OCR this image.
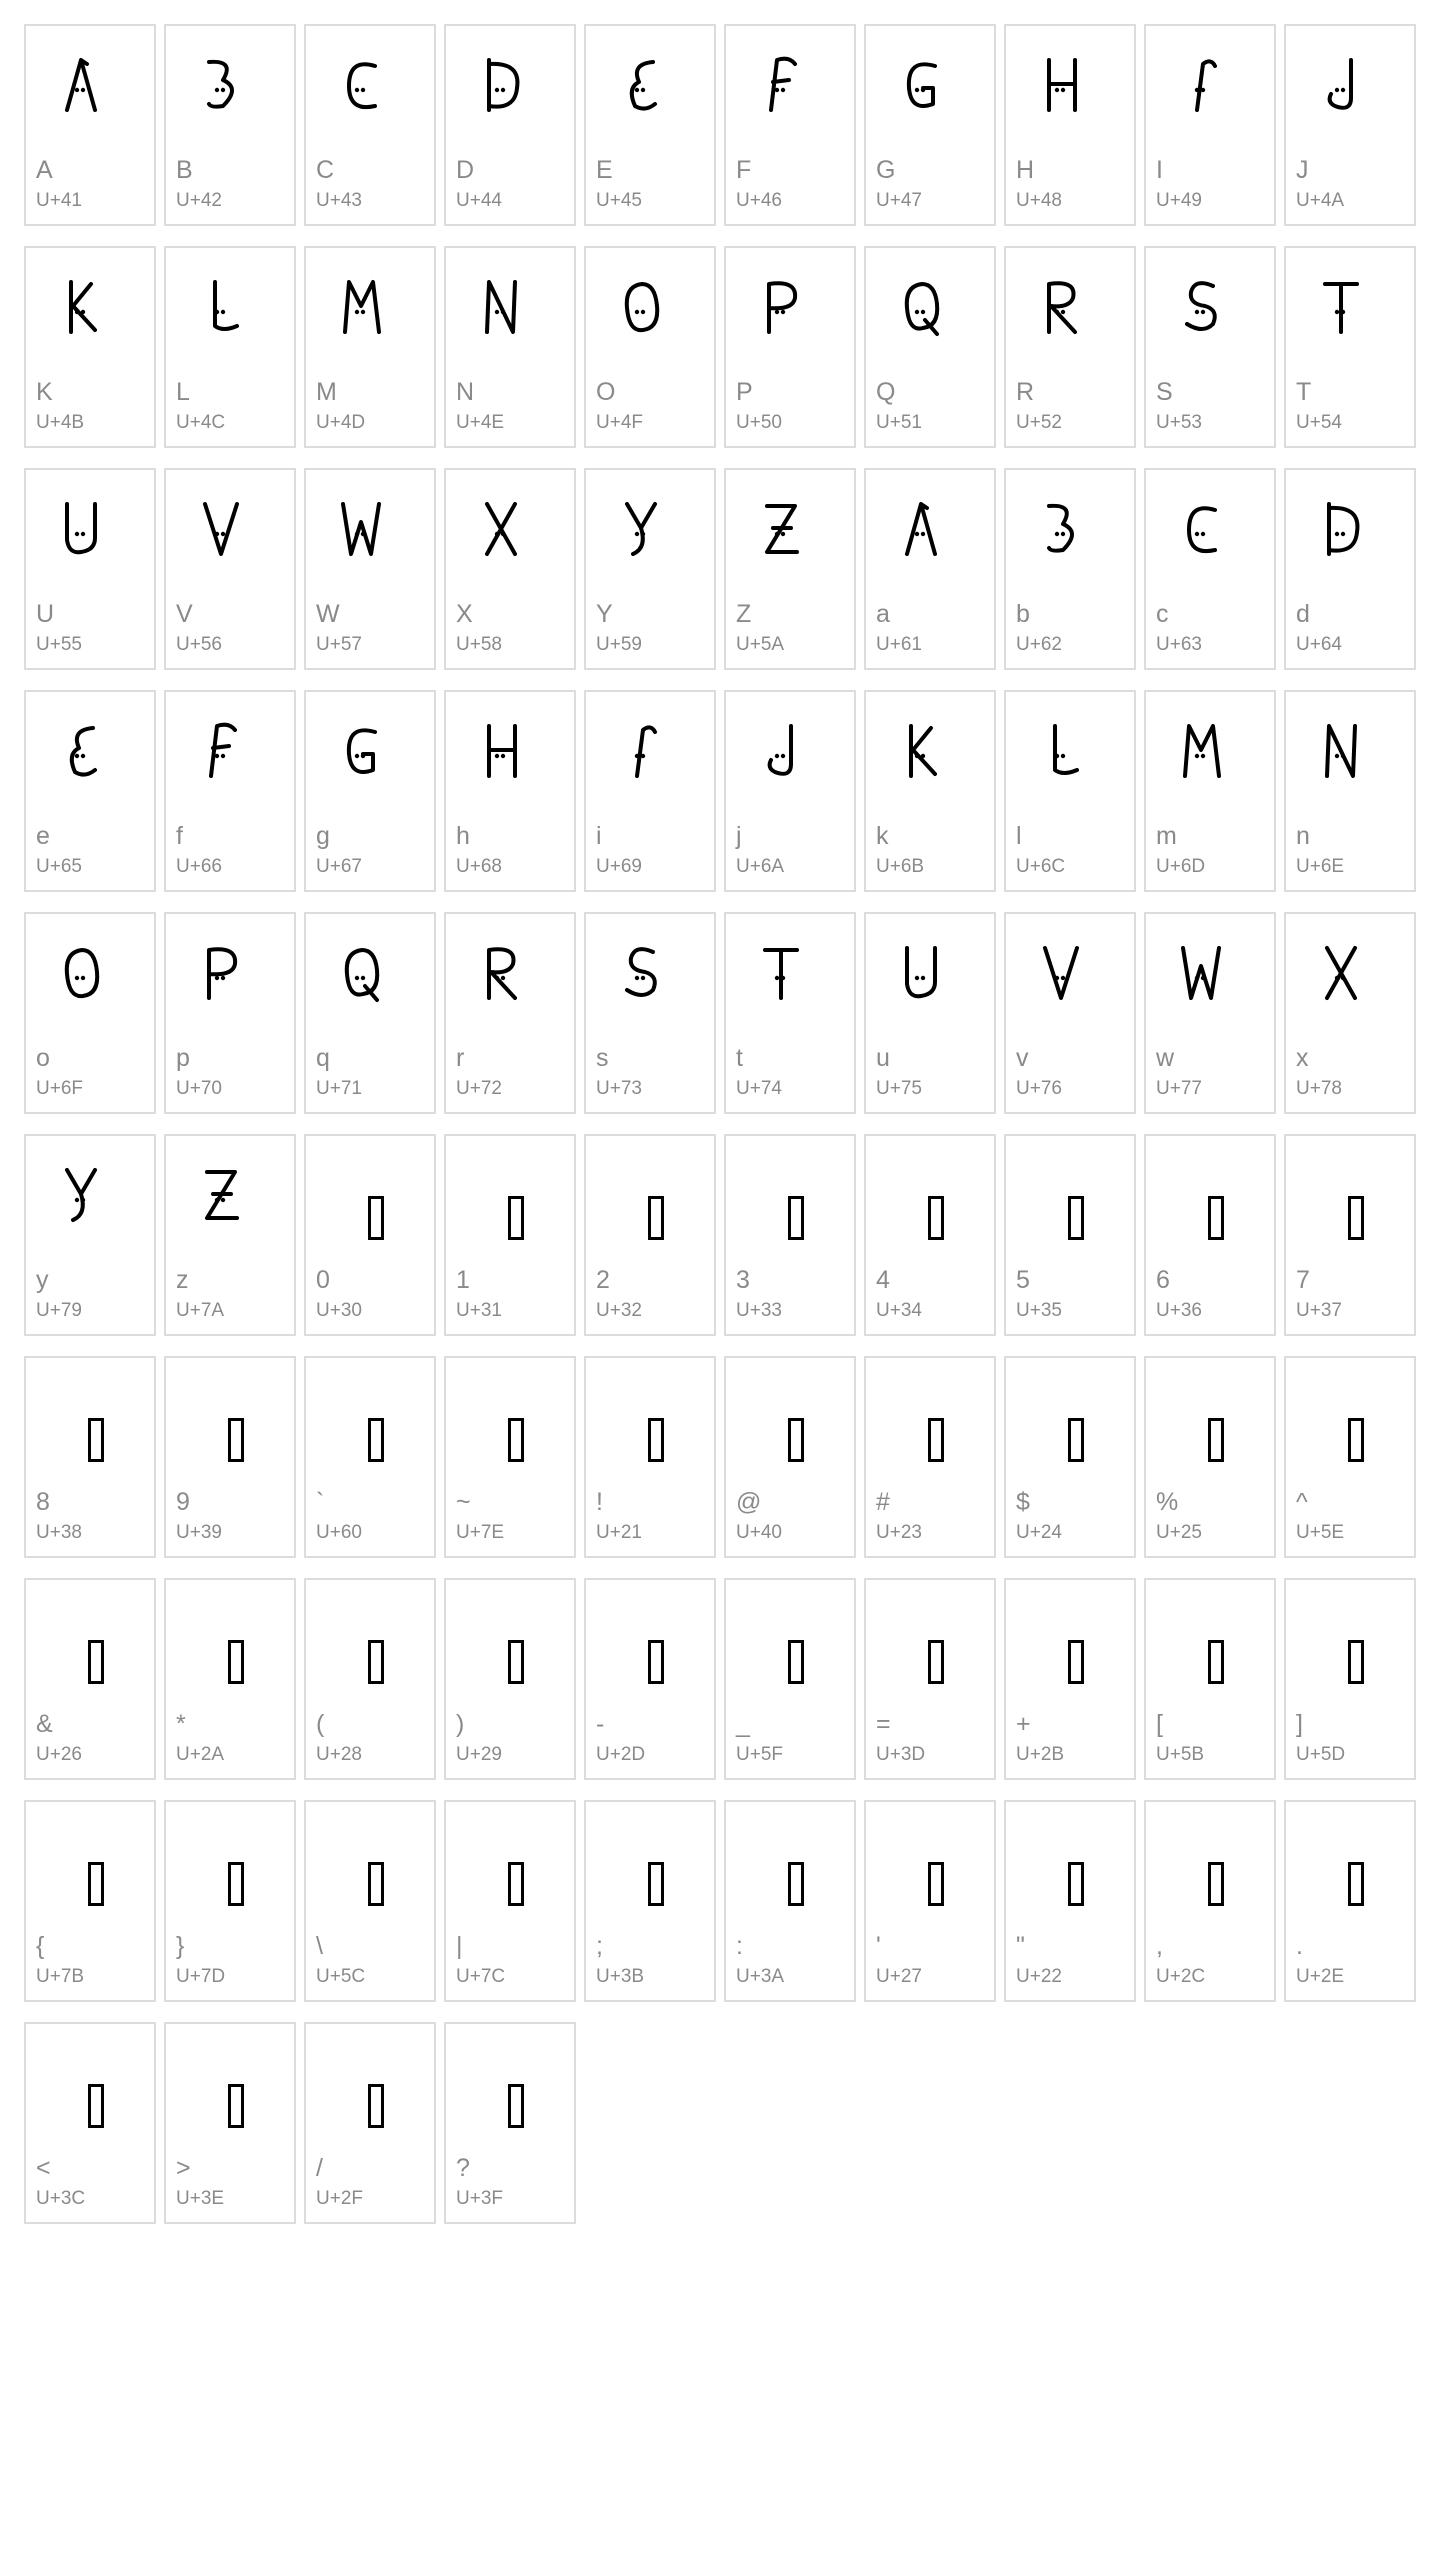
A
U+41
B
U+42
C
U+43
D
U+44
E
U+45
F
U+46
G
U+47
H
U+48
I
U+49
J
U+4A
K
U+4B
L
U+4C
M
U+4D
N
U+4E
O
U+4F
P
U+50
Q
U+51
R
U+52
S
U+53
T
U+54
U
U+55
V
U+56
W
U+57
X
U+58
Y
U+59
Z
U+5A
a
U+61
b
U+62
c
U+63
d
U+64
e
U+65
f
U+66
g
U+67
h
U+68
i
U+69
j
U+6A
k
U+6B
l
U+6C
m
U+6D
n
U+6E
o
U+6F
p
U+70
q
U+71
r
U+72
s
U+73
t
U+74
u
U+75
v
U+76
w
U+77
x
U+78
y
U+79
z
U+7A
0
U+30
1
U+31
2
U+32
3
U+33
4
U+34
5
U+35
6
U+36
7
U+37
8
U+38
9
U+39
`
U+60
~
U+7E
!
U+21
@
U+40
#
U+23
$
U+24
%
U+25
^
U+5E
&
U+26
*
U+2A
(
U+28
)
U+29
-
U+2D
_
U+5F
=
U+3D
+
U+2B
[
U+5B
]
U+5D
{
U+7B
}
U+7D
\
U+5C
|
U+7C
;
U+3B
:
U+3A
'
U+27
"
U+22
,
U+2C
.
U+2E
<
U+3C
>
U+3E
/
U+2F
?
U+3F
